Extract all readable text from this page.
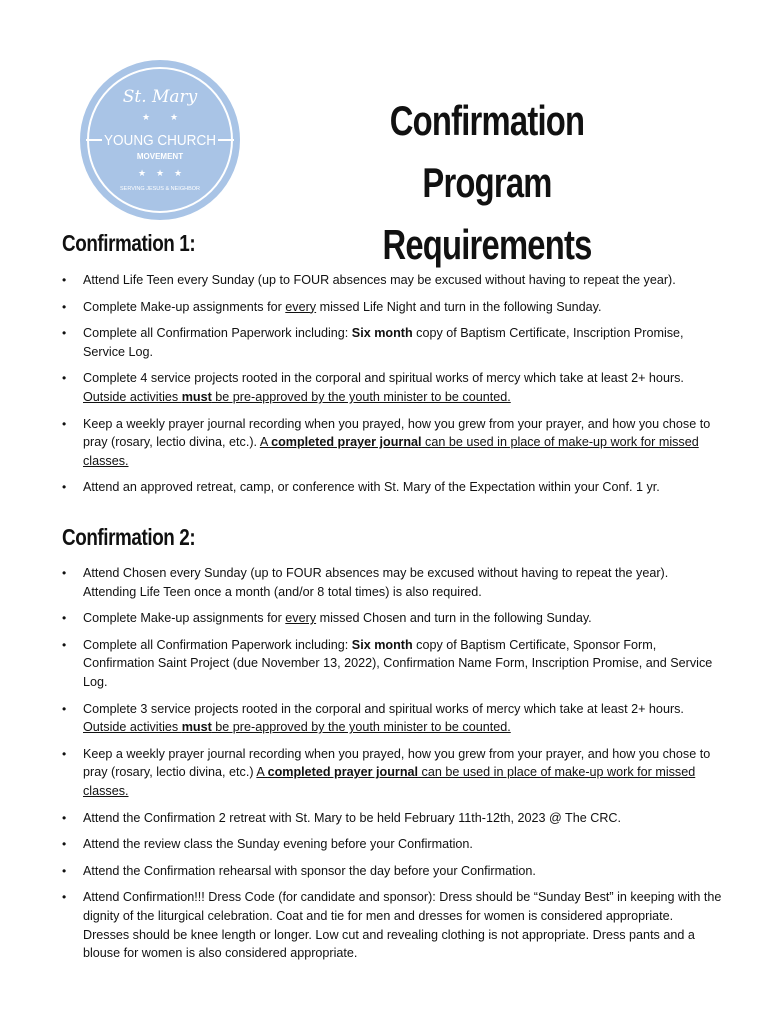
St. Mary
★ ★
YOUNG CHURCH
MOVEMENT
★ ★ ★
SERVING JESUS & NEIGHBOR
Confirmation Program
Requirements
Confirmation 1:
• Attend Life Teen every Sunday (up to FOUR absences may be excused without having to repeat the year).
• Complete Make-up assignments for every missed Life Night and turn in the following Sunday.
• Complete all Confirmation Paperwork including: Six month copy of Baptism Certificate, Inscription Promise, Service Log.
• Complete 4 service projects rooted in the corporal and spiritual works of mercy which take at least 2+ hours. Outside activities must be pre-approved by the youth minister to be counted.
• Keep a weekly prayer journal recording when you prayed, how you grew from your prayer, and how you chose to pray (rosary, lectio divina, etc.). A completed prayer journal can be used in place of make-up work for missed classes.
• Attend an approved retreat, camp, or conference with St. Mary of the Expectation within your Conf. 1 yr.
Confirmation 2:
• Attend Chosen every Sunday (up to FOUR absences may be excused without having to repeat the year). Attending Life Teen once a month (and/or 8 total times) is also required.
• Complete Make-up assignments for every missed Chosen and turn in the following Sunday.
• Complete all Confirmation Paperwork including: Six month copy of Baptism Certificate, Sponsor Form, Confirmation Saint Project (due November 13, 2022), Confirmation Name Form, Inscription Promise, and Service Log.
• Complete 3 service projects rooted in the corporal and spiritual works of mercy which take at least 2+ hours. Outside activities must be pre-approved by the youth minister to be counted.
• Keep a weekly prayer journal recording when you prayed, how you grew from your prayer, and how you chose to pray (rosary, lectio divina, etc.) A completed prayer journal can be used in place of make-up work for missed classes.
• Attend the Confirmation 2 retreat with St. Mary to be held February 11th-12th, 2023 @ The CRC.
• Attend the review class the Sunday evening before your Confirmation.
• Attend the Confirmation rehearsal with sponsor the day before your Confirmation.
• Attend Confirmation!!! Dress Code (for candidate and sponsor): Dress should be “Sunday Best” in keeping with the dignity of the liturgical celebration. Coat and tie for men and dresses for women is considered appropriate. Dresses should be knee length or longer. Low cut and revealing clothing is not appropriate. Dress pants and a blouse for women is also considered appropriate.
